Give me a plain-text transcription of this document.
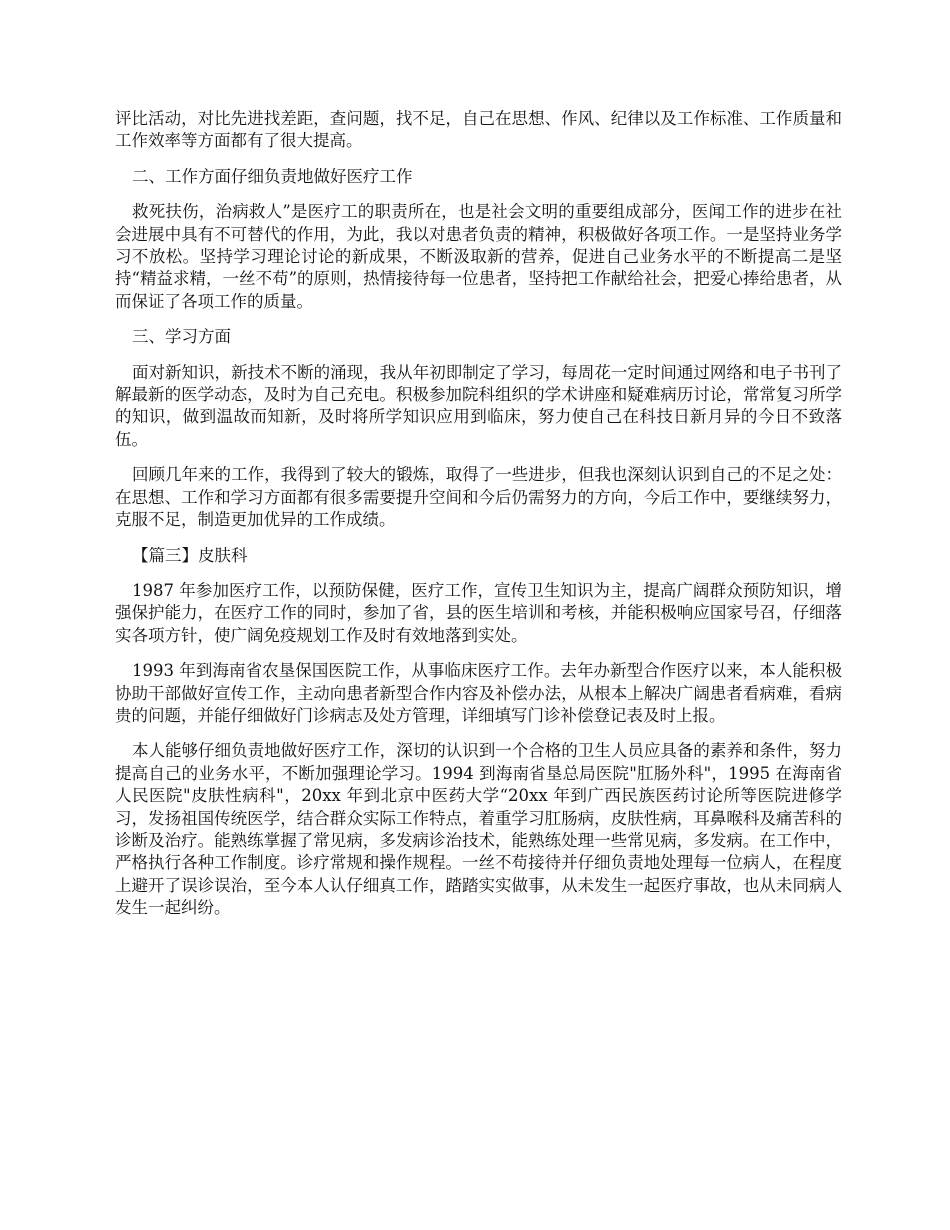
评比活动，对比先进找差距，查问题，找不足，自己在思想、作风、纪律以及工作标准、工作质量和工作效率等方面都有了很大提高。

二、工作方面仔细负责地做好医疗工作

救死扶伤，治病救人”是医疗工的职责所在，也是社会文明的重要组成部分，医闻工作的进步在社会进展中具有不可替代的作用，为此，我以对患者负责的精神，积极做好各项工作。一是坚持业务学习不放松。坚持学习理论讨论的新成果，不断汲取新的营养，促进自己业务水平的不断提高二是坚持“精益求精，一丝不苟”的原则，热情接待每一位患者，坚持把工作献给社会，把爱心捧给患者，从而保证了各项工作的质量。

三、学习方面

面对新知识，新技术不断的涌现，我从年初即制定了学习，每周花一定时间通过网络和电子书刊了解最新的医学动态，及时为自己充电。积极参加院科组织的学术讲座和疑难病历讨论，常常复习所学的知识，做到温故而知新，及时将所学知识应用到临床，努力使自己在科技日新月异的今日不致落伍。

回顾几年来的工作，我得到了较大的锻炼，取得了一些进步，但我也深刻认识到自己的不足之处：在思想、工作和学习方面都有很多需要提升空间和今后仍需努力的方向，今后工作中，要继续努力，克服不足，制造更加优异的工作成绩。

【篇三】皮肤科

1987 年参加医疗工作，以预防保健，医疗工作，宣传卫生知识为主，提高广阔群众预防知识，增强保护能力，在医疗工作的同时，参加了省，县的医生培训和考核，并能积极响应国家号召，仔细落实各项方针，使广阔免疫规划工作及时有效地落到实处。

1993 年到海南省农垦保国医院工作，从事临床医疗工作。去年办新型合作医疗以来，本人能积极协助干部做好宣传工作，主动向患者新型合作内容及补偿办法，从根本上解决广阔患者看病难，看病贵的问题，并能仔细做好门诊病志及处方管理，详细填写门诊补偿登记表及时上报。

本人能够仔细负责地做好医疗工作，深切的认识到一个合格的卫生人员应具备的素养和条件，努力提高自己的业务水平，不断加强理论学习。1994 到海南省垦总局医院"肛肠外科"，1995 在海南省人民医院"皮肤性病科"，20xx 年到北京中医药大学“20xx 年到广西民族医药讨论所等医院进修学习，发扬祖国传统医学，结合群众实际工作特点，着重学习肛肠病，皮肤性病，耳鼻喉科及痛苦科的诊断及治疗。能熟练掌握了常见病，多发病诊治技术，能熟练处理一些常见病，多发病。在工作中，严格执行各种工作制度。诊疗常规和操作规程。一丝不苟接待并仔细负责地处理每一位病人，在程度上避开了误诊误治，至今本人认仔细真工作，踏踏实实做事，从未发生一起医疗事故，也从未同病人发生一起纠纷。
